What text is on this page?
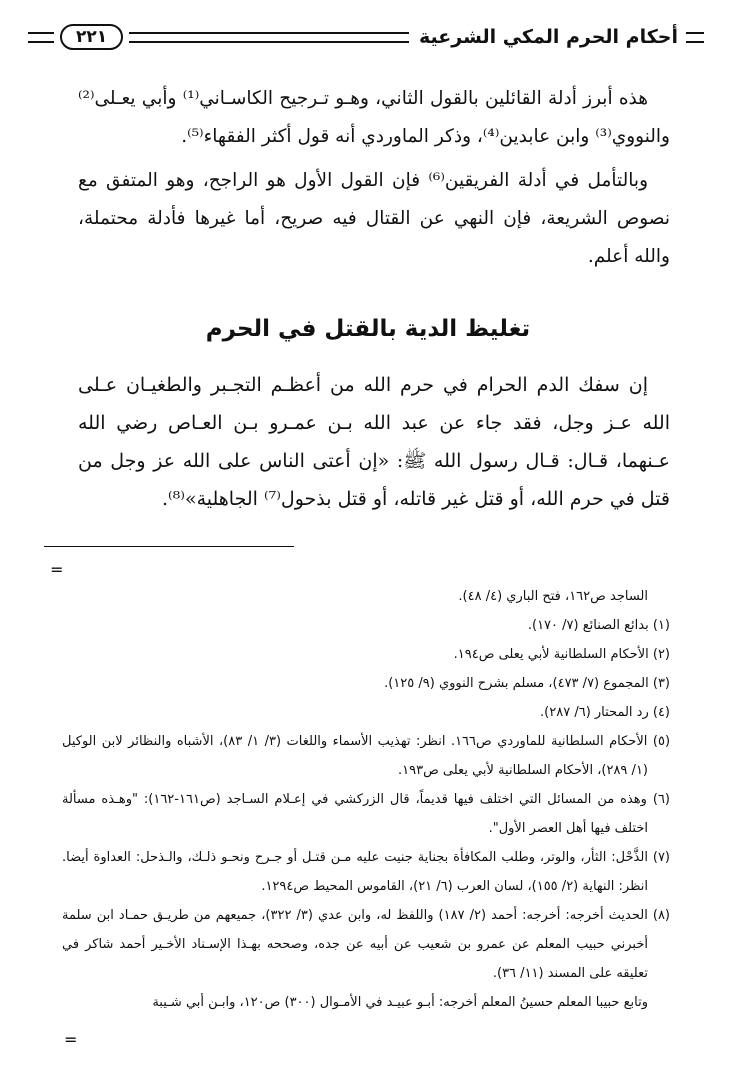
أحكام الحرم المكي الشرعية
٢٢١
هذه أبرز أدلة القائلين بالقول الثاني، وهـو تـرجيح الكاسـاني⁽¹⁾ وأبي يعـلى⁽²⁾ والنووي⁽³⁾ وابن عابدين⁽⁴⁾، وذكر الماوردي أنه قول أكثر الفقهاء⁽⁵⁾.
وبالتأمل في أدلة الفريقين⁽⁶⁾ فإن القول الأول هو الراجح، وهو المتفق مع نصوص الشريعة، فإن النهي عن القتال فيه صريح، أما غيرها فأدلة محتملة، والله أعلم.
تغليظ الدية بالقتل في الحرم
إن سفك الدم الحرام في حرم الله من أعظـم التجـبر والطغيـان عـلى الله عـز وجل، فقد جاء عن عبد الله بـن عمـرو بـن العـاص رضي الله عـنهما، قـال: قـال رسول الله ﷺ: «إن أعتى الناس على الله عز وجل من قتل في حرم الله، أو قتل غير قاتله، أو قتل بذحول⁽⁷⁾ الجاهلية»⁽⁸⁾.
=

الساجد ص١٦٢، فتح الباري (٤/ ٤٨).

(١) بدائع الصنائع (٧/ ١٧٠).

(٢) الأحكام السلطانية لأبي يعلى ص١٩٤.

(٣) المجموع (٧/ ٤٧٣)، مسلم بشرح النووي (٩/ ١٢٥).

(٤) رد المحتار (٦/ ٢٨٧).

(٥) الأحكام السلطانية للماوردي ص١٦٦. انظر: تهذيب الأسماء واللغات (٣/ ١/ ٨٣)، الأشباه والنظائر لابن الوكيل (١/ ٢٨٩)، الأحكام السلطانية لأبي يعلى ص١٩٣.

(٦) وهذه من المسائل التي اختلف فيها قديماً، قال الزركشي في إعـلام السـاجد (ص١٦١-١٦٢): "وهـذه مسألة اختلف فيها أهل العصر الأول".

(٧) الذَّحْل: الثأر، والوتر، وطلب المكافأة بجناية جنيت عليه مـن قتـل أو جـرح ونحـو ذلـك، والـذحل: العداوة أيضا. انظر: النهاية (٢/ ١٥٥)، لسان العرب (٦/ ٢١)، القاموس المحيط ص١٢٩٤.

(٨) الحديث أخرجه: أخرجه: أحمد (٢/ ١٨٧) واللفظ له، وابن عدي (٣/ ٣٢٢)، جميعهم من طريـق حمـاد ابن سلمة أخبرني حبيب المعلم عن عمرو بن شعيب عن أبيه عن جده، وصححه بهـذا الإسـناد الأخـير أحمد شاكر في تعليقه على المسند (١١/ ٣٦).

وتابع حبيبا المعلم حسينُ المعلم أخرجه: أبـو عبيـد في الأمـوال (٣٠٠) ص١٢٠، وابـن أبي شـيبة

=
